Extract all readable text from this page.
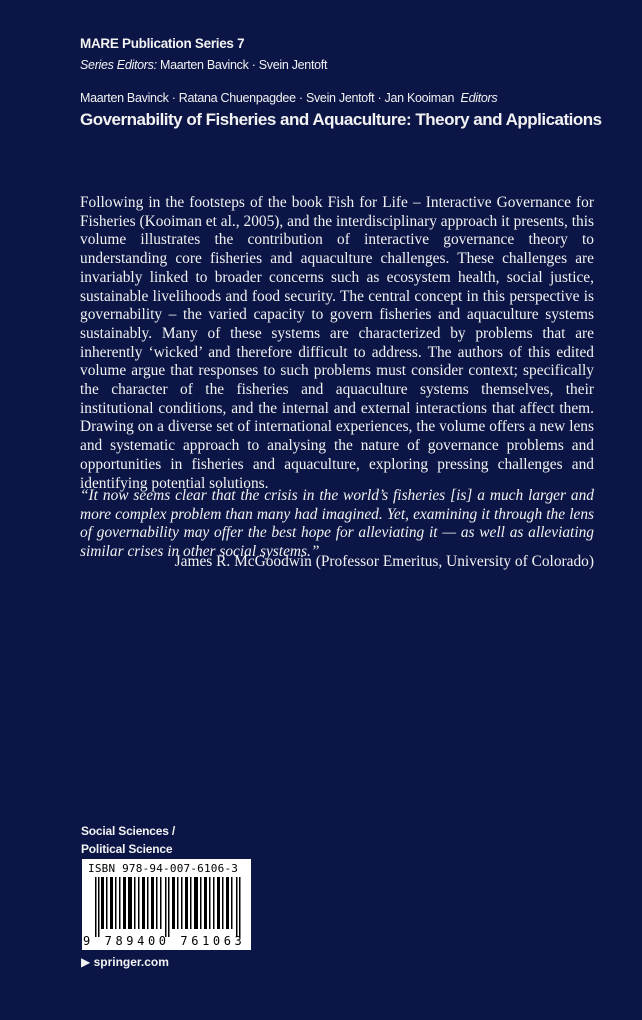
MARE Publication Series 7
Series Editors: Maarten Bavinck · Svein Jentoft
Maarten Bavinck · Ratana Chuenpagdee · Svein Jentoft · Jan Kooiman Editors
Governability of Fisheries and Aquaculture: Theory and Applications
Following in the footsteps of the book Fish for Life – Interactive Governance for Fisheries (Kooiman et al., 2005), and the interdisciplinary approach it presents, this volume illustrates the contribution of interactive governance theory to understanding core fisheries and aquaculture challenges. These challenges are invariably linked to broader concerns such as ecosystem health, social justice, sustainable livelihoods and food security. The central concept in this perspective is governability – the varied capacity to govern fisheries and aquaculture systems sustainably. Many of these systems are characterized by problems that are inherently ‘wicked’ and therefore difficult to address. The authors of this edited volume argue that responses to such problems must consider context; specifically the character of the fisheries and aquaculture systems themselves, their institutional conditions, and the internal and external interactions that affect them. Drawing on a diverse set of international experiences, the volume offers a new lens and systematic approach to analysing the nature of governance problems and opportunities in fisheries and aquaculture, exploring pressing challenges and identifying potential solutions.
“It now seems clear that the crisis in the world’s fisheries [is] a much larger and more complex problem than many had imagined. Yet, examining it through the lens of governability may offer the best hope for alleviating it — as well as alleviating similar crises in other social systems.”
James R. McGoodwin (Professor Emeritus, University of Colorado)
Social Sciences /
Political Science
ISBN 978-94-007-6106-3
9 789400 761063
▶ springer.com
